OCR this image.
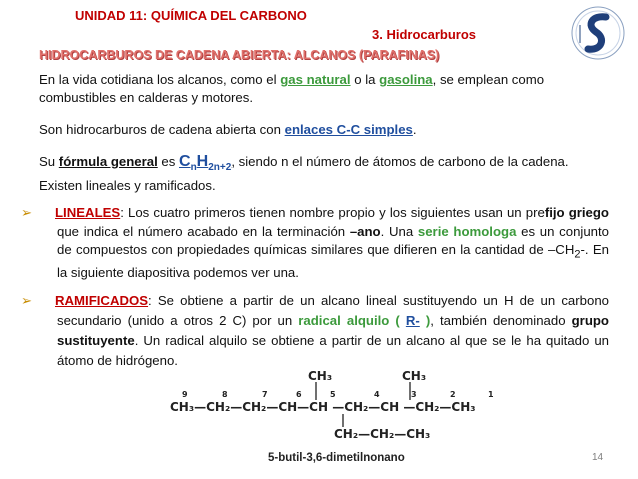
UNIDAD 11: QUÍMICA DEL CARBONO
3. Hidrocarburos
HIDROCARBUROS DE CADENA ABIERTA: ALCANOS (PARAFINAS)
En la vida cotidiana los alcanos, como el gas natural o la gasolina, se emplean como combustibles en calderas y motores.
Son hidrocarburos de cadena abierta con enlaces C-C simples.
Su fórmula general es $C_nH_{2n+2}$, siendo n el número de átomos de carbono de la cadena. Existen lineales y ramificados.
➢ LINEALES: Los cuatro primeros tienen nombre propio y los siguientes usan un prefijo griego que indica el número acabado en la terminación –ano. Una serie homologa es un conjunto de compuestos con propiedades químicas similares que difieren en la cantidad de $-CH_2-$. En la siguiente diapositiva podemos ver una.
➢ RAMIFICADOS: Se obtiene a partir de un alcano lineal sustituyendo un H de un carbono secundario (unido a otros 2 C) por un radical alquilo ( R- ), también denominado grupo sustituyente. Un radical alquilo se obtiene a partir de un alcano al que se le ha quitado un átomo de hidrógeno.
9	8	7	6	5	4	3	2	1
CH₃	CH₃
CH₃—CH₂—CH₂—CH—CH —CH₂—CH —CH₂—CH₃
CH₂—CH₂—CH₃
5-butil-3,6-dimetilnonano	14
